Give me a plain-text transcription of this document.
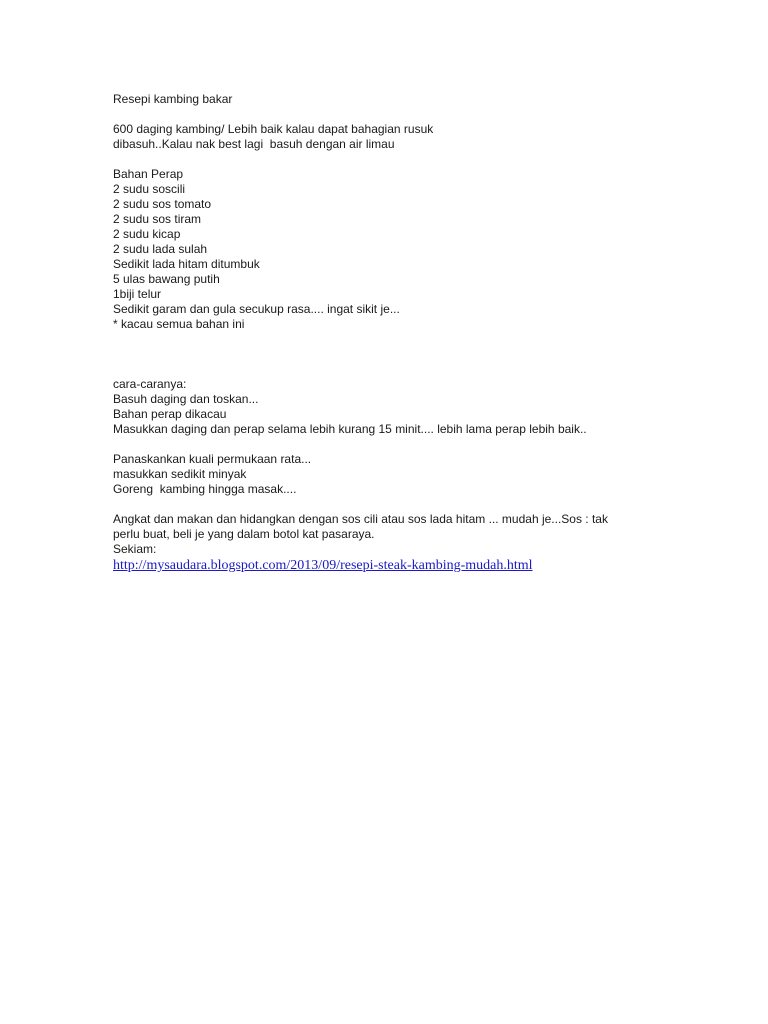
Resepi kambing bakar
600 daging kambing/ Lebih baik kalau dapat bahagian rusuk
dibasuh..Kalau nak best lagi  basuh dengan air limau
Bahan Perap
2 sudu soscili
2 sudu sos tomato
2 sudu sos tiram
2 sudu kicap
2 sudu lada sulah
Sedikit lada hitam ditumbuk
5 ulas bawang putih
1biji telur
Sedikit garam dan gula secukup rasa.... ingat sikit je...
* kacau semua bahan ini
cara-caranya:
Basuh daging dan toskan...
Bahan perap dikacau
Masukkan daging dan perap selama lebih kurang 15 minit.... lebih lama perap lebih baik..
Panaskankan kuali permukaan rata...
masukkan sedikit minyak
Goreng  kambing hingga masak....
Angkat dan makan dan hidangkan dengan sos cili atau sos lada hitam ... mudah je...Sos : tak
perlu buat, beli je yang dalam botol kat pasaraya.
Sekiam:
http://mysaudara.blogspot.com/2013/09/resepi-steak-kambing-mudah.html
